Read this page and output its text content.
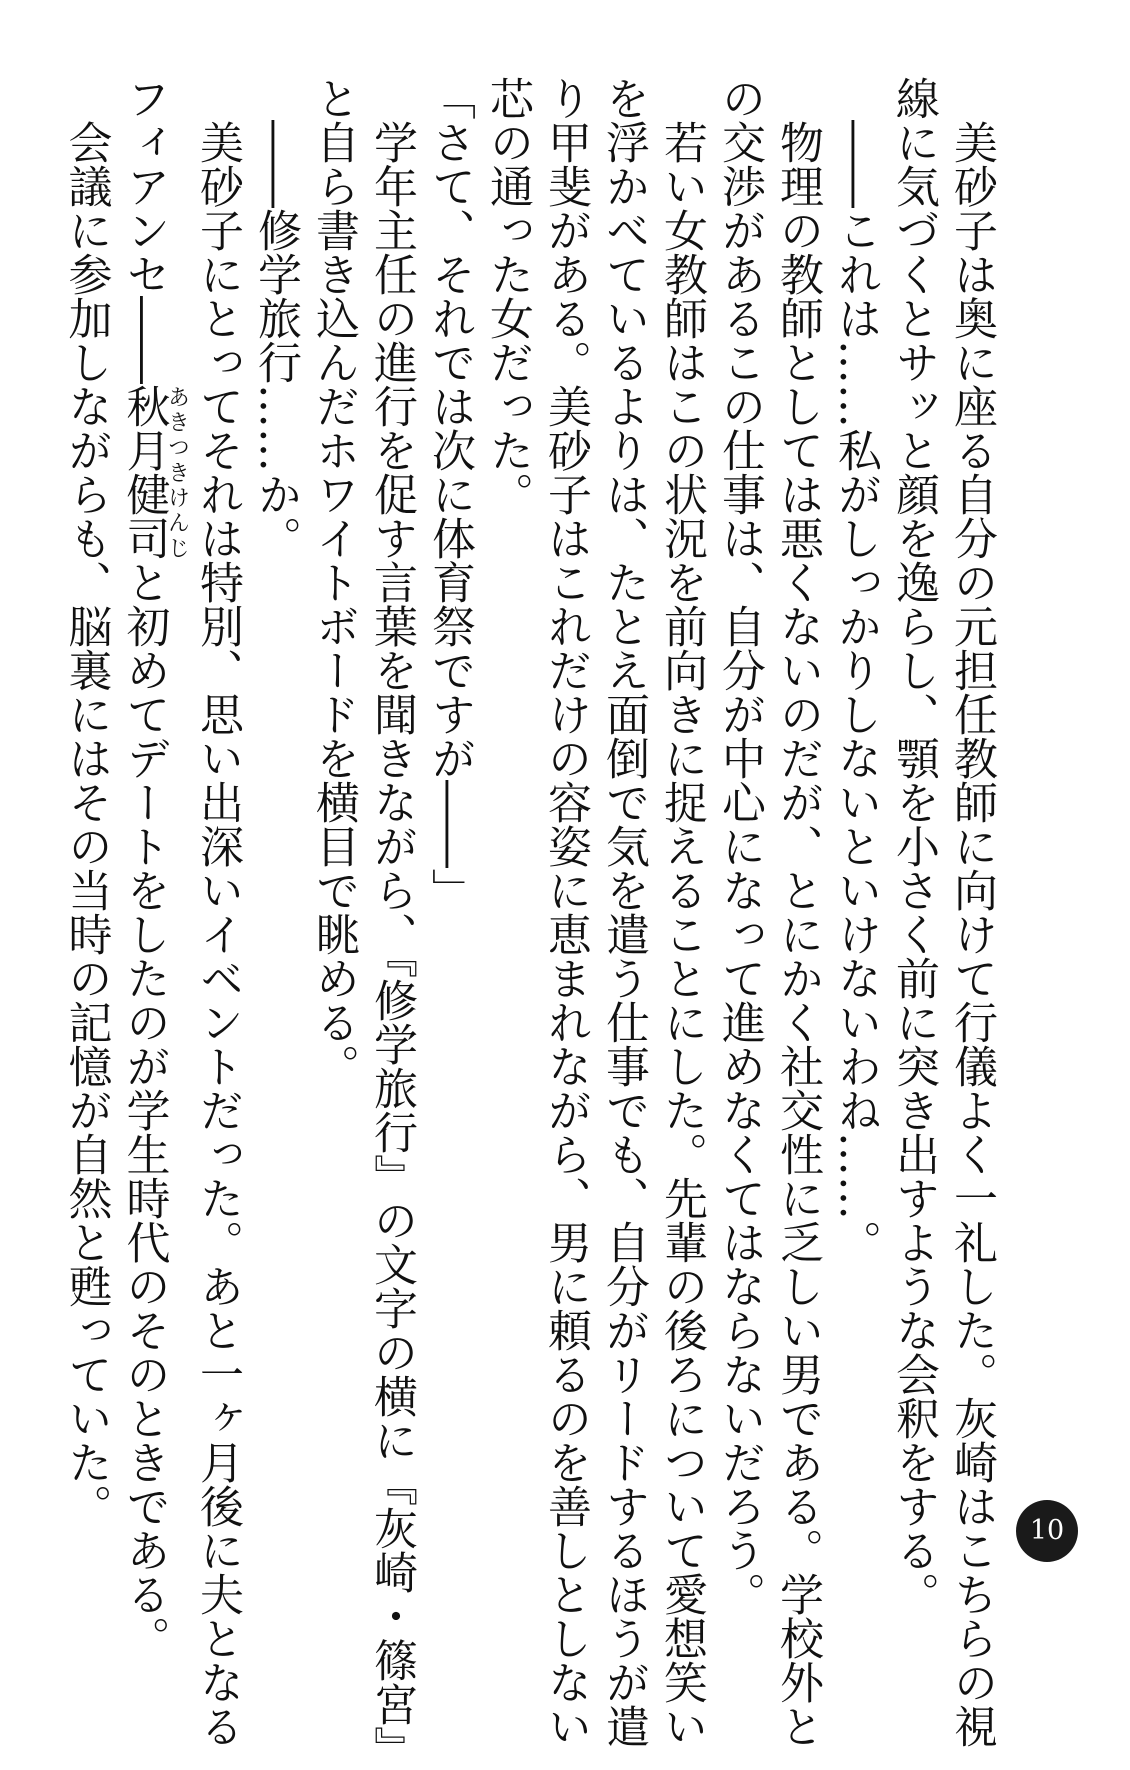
　美砂子は奥に座る自分の元担任教師に向けて行儀よく一礼した。灰崎はこちらの視
線に気づくとサッと顔を逸らし、顎を小さく前に突き出すような会釈をする。

　――これは……私がしっかりしないといけないわね……。

　物理の教師としては悪くないのだが、とにかく社交性に乏しい男である。学校外と
の交渉があるこの仕事は、自分が中心になって進めなくてはならないだろう。
　若い女教師はこの状況を前向きに捉えることにした。先輩の後ろについて愛想笑い
を浮かべているよりは、たとえ面倒で気を遣う仕事でも、自分がリードするほうが遣
り甲斐がある。美砂子はこれだけの容姿に恵まれながら、男に頼るのを善しとしない
芯の通った女だった。

「さて、それでは次に体育祭ですが――」

　学年主任の進行を促す言葉を聞きながら、『修学旅行』の文字の横に『灰崎・篠宮』
と自ら書き込んだホワイトボードを横目で眺める。

　――修学旅行……か。

　美砂子にとってそれは特別、思い出深いイベントだった。あと一ヶ月後に夫となる
フィアンセ――秋月健司あきつきけんじと初めてデートをしたのが学生時代のそのときである。
　会議に参加しながらも、脳裏にはその当時の記憶が自然と甦っていた。

10
